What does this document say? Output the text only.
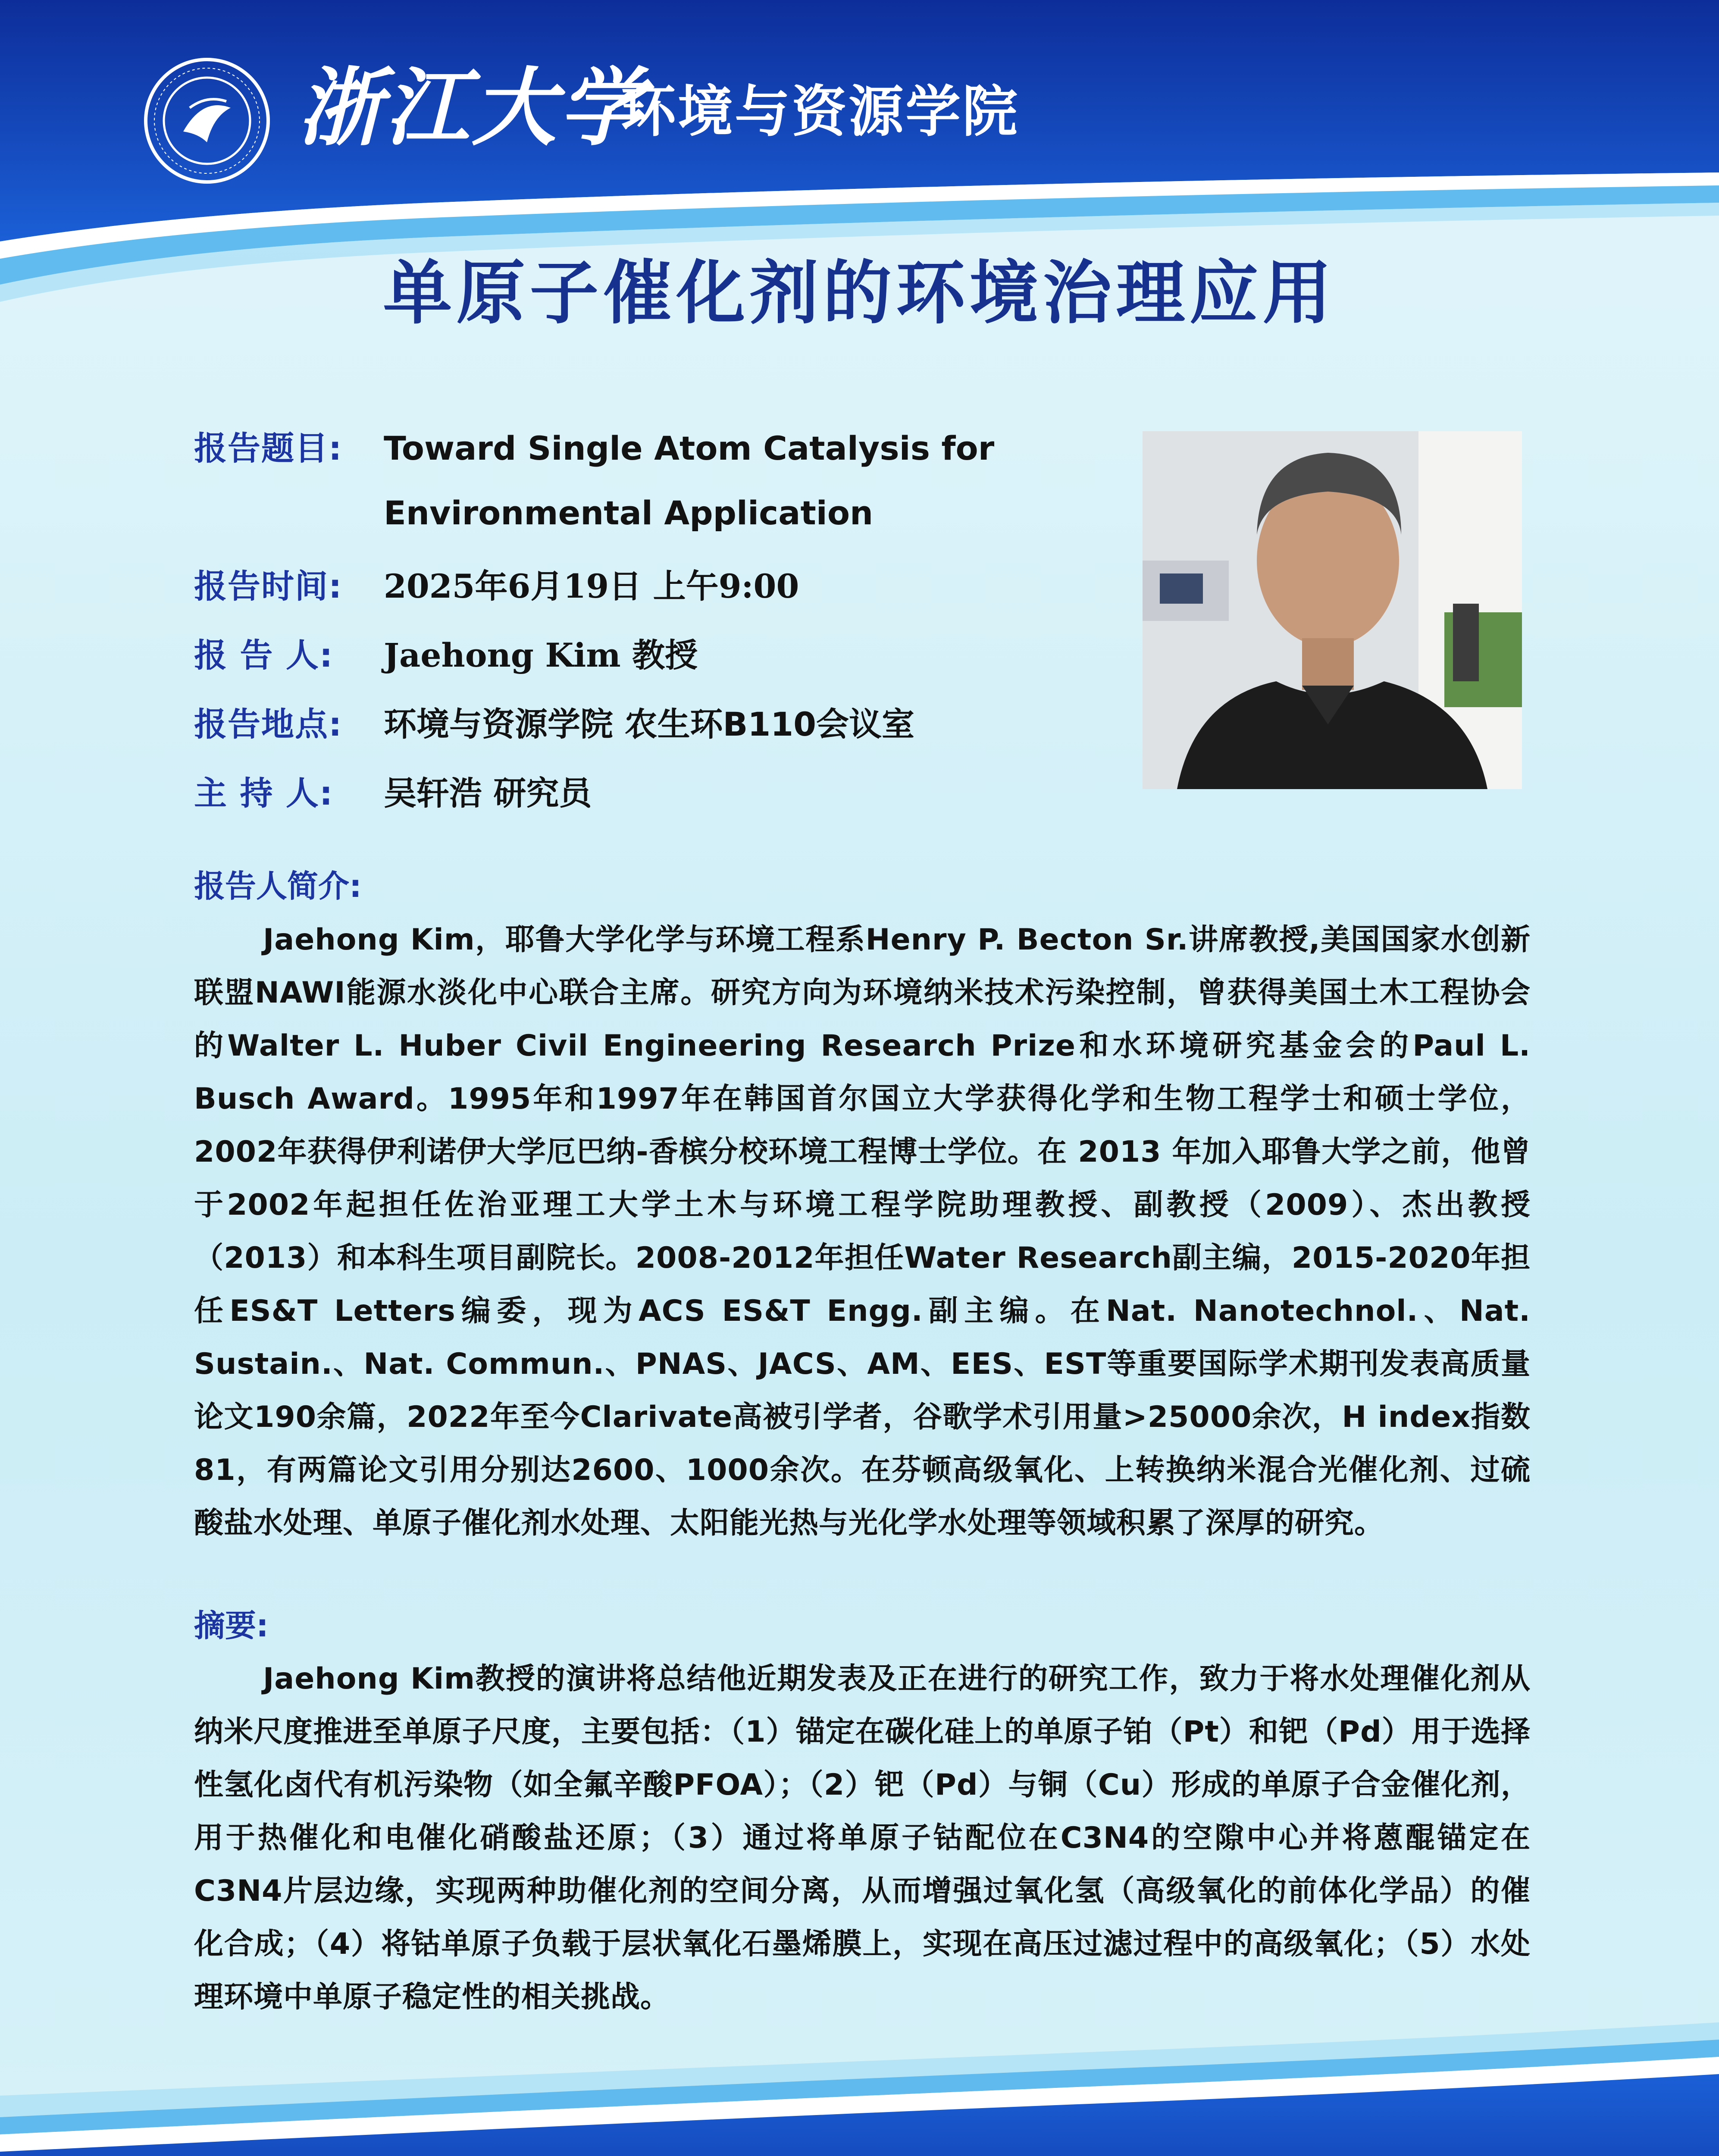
浙江大学
环境与资源学院
单原子催化剂的环境治理应用
报告题目:	Toward Single Atom Catalysis for
Environmental Application
报告时间:	2025年6月19日 上午9:00
报 告 人:	Jaehong Kim 教授
报告地点:	环境与资源学院 农生环B110会议室
主 持 人:	吴轩浩 研究员
报告人简介:

Jaehong Kim，耶鲁大学化学与环境工程系Henry P. Becton Sr.讲席教授,美国国家水创新联盟NAWI能源水淡化中心联合主席。研究方向为环境纳米技术污染控制，曾获得美国土木工程协会的Walter L. Huber Civil Engineering Research Prize和水环境研究基金会的Paul L. Busch Award。1995年和1997年在韩国首尔国立大学获得化学和生物工程学士和硕士学位，2002年获得伊利诺伊大学厄巴纳-香槟分校环境工程博士学位。在 2013 年加入耶鲁大学之前，他曾于2002年起担任佐治亚理工大学土木与环境工程学院助理教授、副教授（2009）、杰出教授（2013）和本科生项目副院长。2008-2012年担任Water Research副主编，2015-2020年担任ES&T Letters编委，现为ACS ES&T Engg.副主编。在Nat. Nanotechnol.、Nat. Sustain.、Nat. Commun.、PNAS、JACS、AM、EES、EST等重要国际学术期刊发表高质量论文190余篇，2022年至今Clarivate高被引学者，谷歌学术引用量>25000余次，H index指数81，有两篇论文引用分别达2600、1000余次。在芬顿高级氧化、上转换纳米混合光催化剂、过硫酸盐水处理、单原子催化剂水处理、太阳能光热与光化学水处理等领域积累了深厚的研究。

摘要:

Jaehong Kim教授的演讲将总结他近期发表及正在进行的研究工作，致力于将水处理催化剂从纳米尺度推进至单原子尺度，主要包括：（1）锚定在碳化硅上的单原子铂（Pt）和钯（Pd）用于选择性氢化卤代有机污染物（如全氟辛酸PFOA）；（2）钯（Pd）与铜（Cu）形成的单原子合金催化剂，用于热催化和电催化硝酸盐还原；（3）通过将单原子钴配位在C3N4的空隙中心并将蒽醌锚定在C3N4片层边缘，实现两种助催化剂的空间分离，从而增强过氧化氢（高级氧化的前体化学品）的催化合成；（4）将钴单原子负载于层状氧化石墨烯膜上，实现在高压过滤过程中的高级氧化；（5）水处理环境中单原子稳定性的相关挑战。
